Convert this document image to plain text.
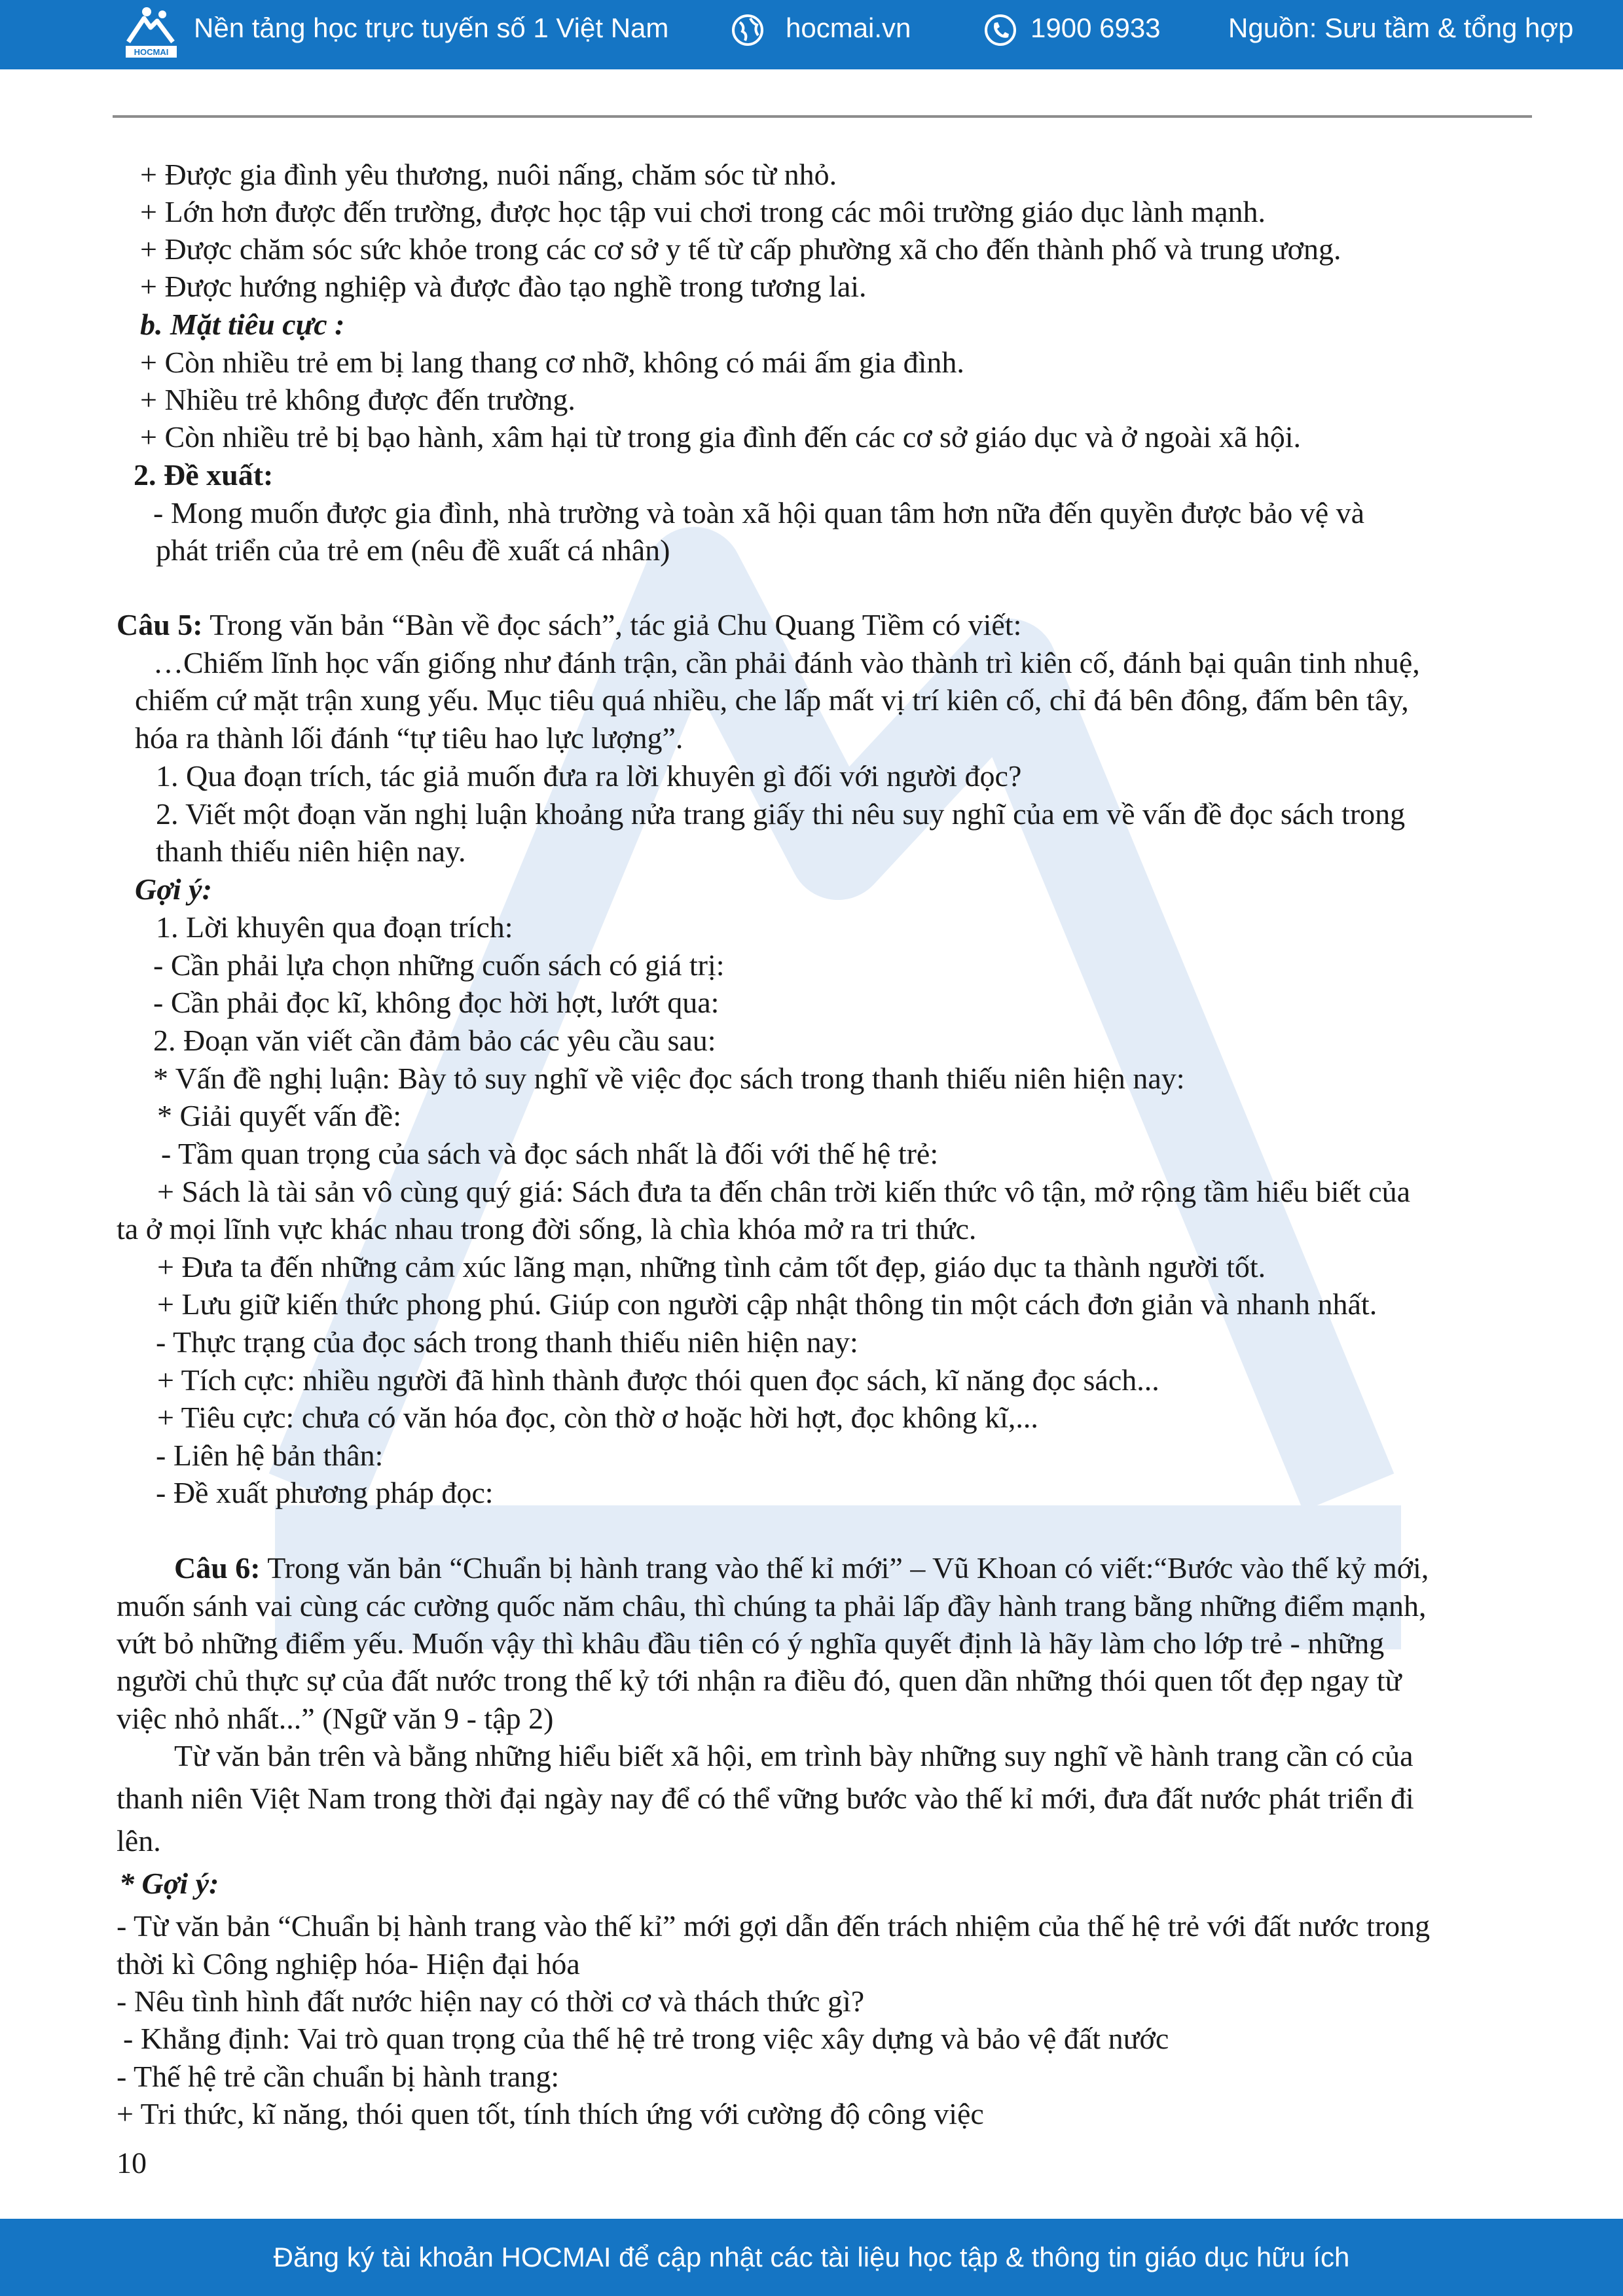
HOCMAI
Nền tảng học trực tuyến số 1 Việt Nam	hocmai.vn	1900 6933 Nguồn: Sưu tầm & tổng hợp
+ Được gia đình yêu thương, nuôi nấng, chăm sóc từ nhỏ.
+ Lớn hơn được đến trường, được học tập vui chơi trong các môi trường giáo dục lành mạnh.
+ Được chăm sóc sức khỏe trong các cơ sở y tế từ cấp phường xã cho đến thành phố và trung ương.
+ Được hướng nghiệp và được đào tạo nghề trong tương lai.
b. Mặt tiêu cực :
+ Còn nhiều trẻ em bị lang thang cơ nhỡ, không có mái ấm gia đình.
+ Nhiều trẻ không được đến trường.
+ Còn nhiều trẻ bị bạo hành, xâm hại từ trong gia đình đến các cơ sở giáo dục và ở ngoài xã hội.
2. Đề xuất:
- Mong muốn được gia đình, nhà trường và toàn xã hội quan tâm hơn nữa đến quyền được bảo vệ và
phát triển của trẻ em (nêu đề xuất cá nhân)
Câu 5: Trong văn bản “Bàn về đọc sách”, tác giả Chu Quang Tiềm có viết:
…Chiếm lĩnh học vấn giống như đánh trận, cần phải đánh vào thành trì kiên cố, đánh bại quân tinh nhuệ,
chiếm cứ mặt trận xung yếu. Mục tiêu quá nhiều, che lấp mất vị trí kiên cố, chỉ đá bên đông, đấm bên tây,
hóa ra thành lối đánh “tự tiêu hao lực lượng”.
1. Qua đoạn trích, tác giả muốn đưa ra lời khuyên gì đối với người đọc?
2. Viết một đoạn văn nghị luận khoảng nửa trang giấy thi nêu suy nghĩ của em về vấn đề đọc sách trong
thanh thiếu niên hiện nay.
Gợi ý:
1. Lời khuyên qua đoạn trích:
- Cần phải lựa chọn những cuốn sách có giá trị:
- Cần phải đọc kĩ, không đọc hời hợt, lướt qua:
2. Đoạn văn viết cần đảm bảo các yêu cầu sau:
* Vấn đề nghị luận: Bày tỏ suy nghĩ về việc đọc sách trong thanh thiếu niên hiện nay:
* Giải quyết vấn đề:
- Tầm quan trọng của sách và đọc sách nhất là đối với thế hệ trẻ:
+ Sách là tài sản vô cùng quý giá: Sách đưa ta đến chân trời kiến thức vô tận, mở rộng tầm hiểu biết của
ta ở mọi lĩnh vực khác nhau trong đời sống, là chìa khóa mở ra tri thức.
+ Đưa ta đến những cảm xúc lãng mạn, những tình cảm tốt đẹp, giáo dục ta thành người tốt.
+ Lưu giữ kiến thức phong phú. Giúp con người cập nhật thông tin một cách đơn giản và nhanh nhất.
- Thực trạng của đọc sách trong thanh thiếu niên hiện nay:
+ Tích cực: nhiều người đã hình thành được thói quen đọc sách, kĩ năng đọc sách...
+ Tiêu cực: chưa có văn hóa đọc, còn thờ ơ hoặc hời hợt, đọc không kĩ,...
- Liên hệ bản thân:
- Đề xuất phương pháp đọc:
Câu 6: Trong văn bản “Chuẩn bị hành trang vào thế kỉ mới” – Vũ Khoan có viết:“Bước vào thế kỷ mới,
muốn sánh vai cùng các cường quốc năm châu, thì chúng ta phải lấp đầy hành trang bằng những điểm mạnh,
vứt bỏ những điểm yếu. Muốn vậy thì khâu đầu tiên có ý nghĩa quyết định là hãy làm cho lớp trẻ - những
người chủ thực sự của đất nước trong thế kỷ tới nhận ra điều đó, quen dần những thói quen tốt đẹp ngay từ
việc nhỏ nhất...” (Ngữ văn 9 - tập 2)
Từ văn bản trên và bằng những hiểu biết xã hội, em trình bày những suy nghĩ về hành trang cần có của
thanh niên Việt Nam trong thời đại ngày nay để có thể vững bước vào thế kỉ mới, đưa đất nước phát triển đi
lên.
* Gợi ý:
- Từ văn bản “Chuẩn bị hành trang vào thế kỉ” mới gợi dẫn đến trách nhiệm của thế hệ trẻ với đất nước trong
thời kì Công nghiệp hóa- Hiện đại hóa
- Nêu tình hình đất nước hiện nay có thời cơ và thách thức gì?
- Khẳng định: Vai trò quan trọng của thế hệ trẻ trong việc xây dựng và bảo vệ đất nước
- Thế hệ trẻ cần chuẩn bị hành trang:
+ Tri thức, kĩ năng, thói quen tốt, tính thích ứng với cường độ công việc
10
Đăng ký tài khoản HOCMAI để cập nhật các tài liệu học tập & thông tin giáo dục hữu ích
